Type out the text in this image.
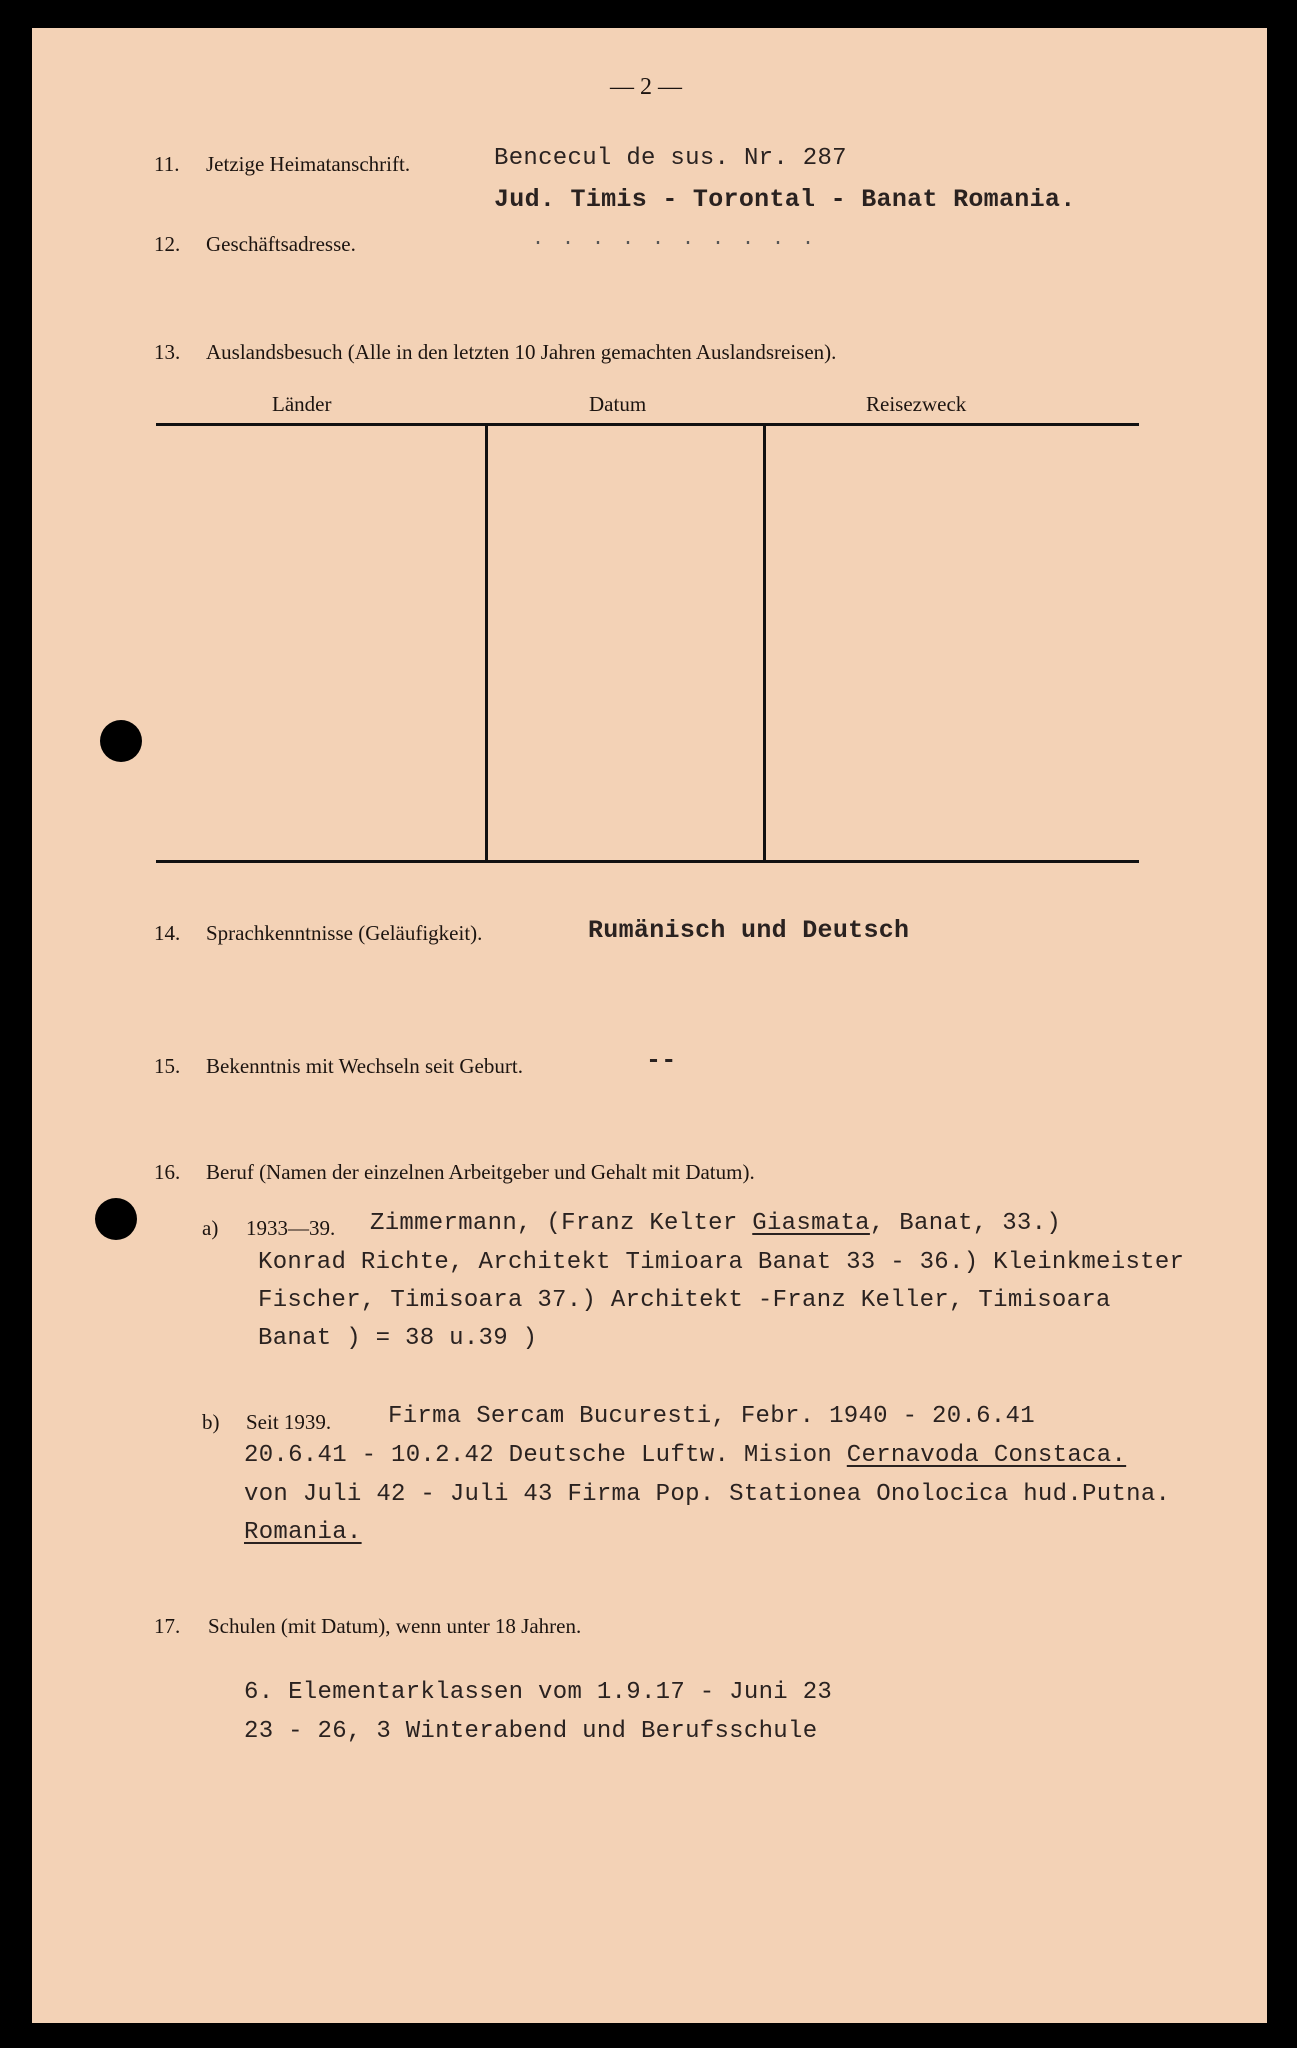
— 2 —
11. Jetzige Heimatanschrift.	Bencecul de sus. Nr. 287
Jud. Timis - Torontal - Banat Romania.
12. Geschäftsadresse.	..........
13. Auslandsbesuch (Alle in den letzten 10 Jahren gemachten Auslandsreisen).
Länder	Datum	Reisezweck
14. Sprachkenntnisse (Geläufigkeit).	Rumänisch und Deutsch
15. Bekenntnis mit Wechseln seit Geburt.	--
16. Beruf (Namen der einzelnen Arbeitgeber und Gehalt mit Datum).
a) 1933—39. Zimmermann, (Franz Kelter Giasmata, Banat, 33.)
Konrad Richte, Architekt Timioara Banat 33 - 36.) Kleinkmeister
Fischer, Timisoara 37.) Architekt -Franz Keller, Timisoara
Banat ) = 38 u.39 )
b) Seit 1939. Firma Sercam Bucuresti, Febr. 1940 - 20.6.41
20.6.41 - 10.2.42 Deutsche Luftw. Mision Cernavoda Constaca.
von Juli 42 - Juli 43 Firma Pop. Stationea Onolocica hud.Putna.
Romania.
17. Schulen (mit Datum), wenn unter 18 Jahren.
6. Elementarklassen vom 1.9.17 - Juni 23
23 - 26, 3 Winterabend und Berufsschule
